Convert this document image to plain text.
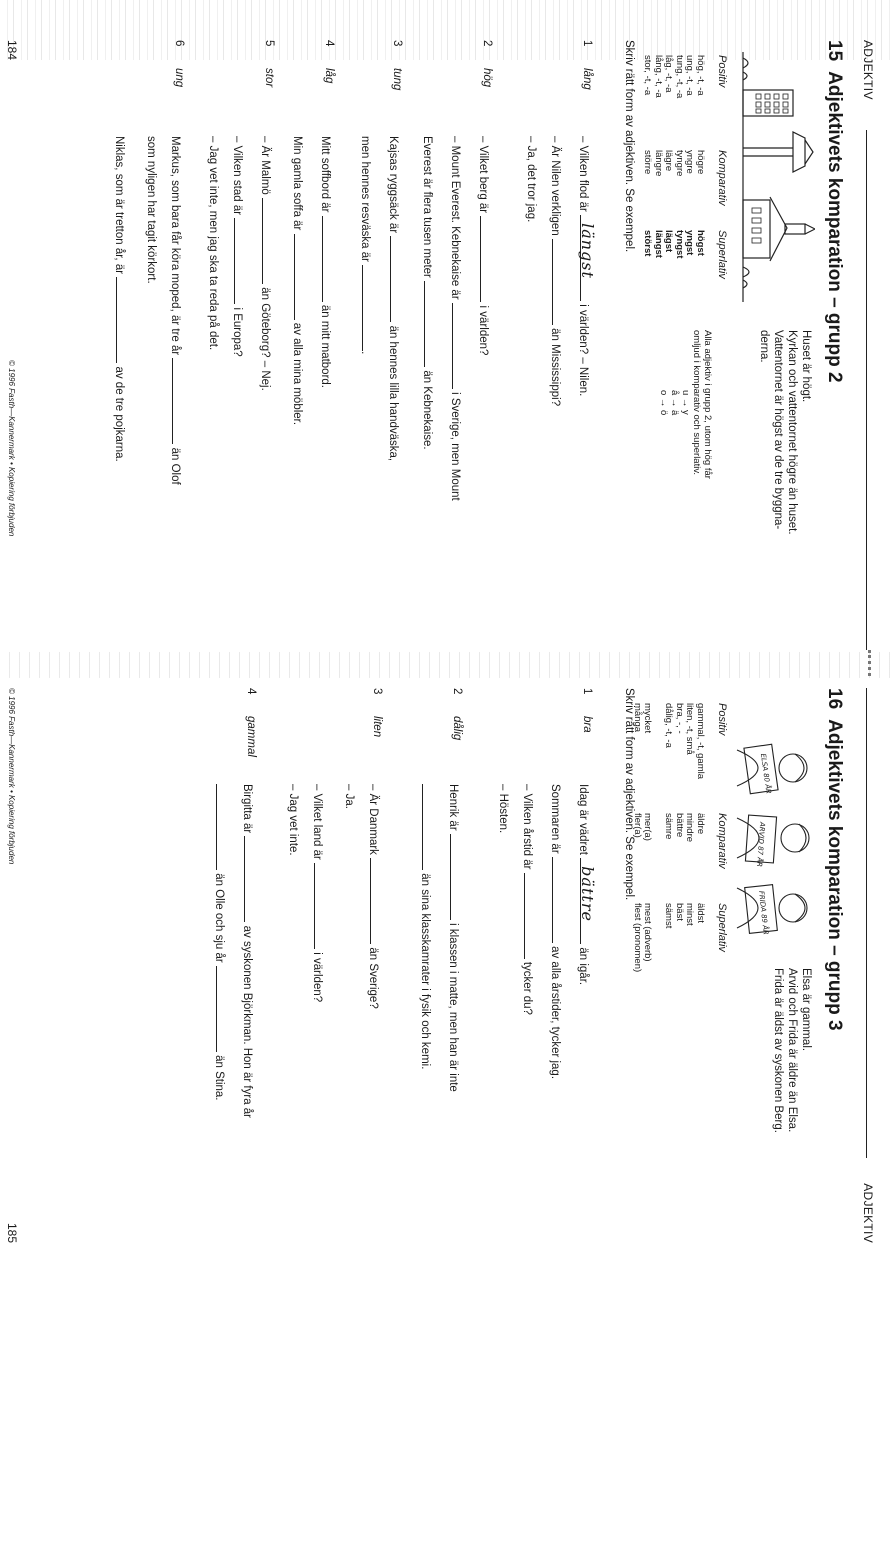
ADJEKTIV
15Adjektivets komparation – grupp 2
Huset är högt.
Kyrkan och vattentornet högre än huset.
Vattentornet är högst av de tre byggna-
derna.
Positiv
Komparativ
Superlativ
hög, -t, -a
ung, -t, -a
tung, -t, -a
låg, -t, -a
lång, -t, -a
stor, -t, -a
högre
yngre
tyngre
lägre
längre
större
högst
yngst
tyngst
lägst
längst
störst
Alla adjektiv i grupp 2, utom hög får
omljud i komparativ och superlativ.
u → y
å → ä
o → ö
Skriv rätt form av adjektiven. Se exempel.
1
lång
– Vilken flod är
längst
i världen? – Nilen.
– Är Nilen verkligen  än Mississippi?
– Ja, det tror jag.
2
hög
– Vilket berg är  i världen?
– Mount Everest. Kebnekaise är  i Sverige, men Mount
Everest är flera tusen meter  än Kebnekaise.
3
tung
Kajsas ryggsäck är  än hennes lilla handväska,
men hennes resväska är .
4
låg
Mitt soffbord är  än mitt matbord.
Min gamla soffa är  av alla mina möbler.
5
stor
– Är Malmö  än Göteborg? – Nej.
– Vilken stad är  i Europa?
– Jag vet inte, men jag ska ta reda på det.
6
ung
Markus, som bara får köra moped, är tre år  än Olof
som nyligen har tagit körkort.
Niklas, som är tretton år, är  av de tre pojkarna.
184
© 1996 Fasth—Kannermark • Kopiering förbjuden
ADJEKTIV
16Adjektivets komparation – grupp 3
ELSA 80 ÅR
ARVID 87 ÅR
FRIDA 89 ÅR
Elsa är gammal.
Arvid och Frida är äldre än Elsa.
Frida är äldst av syskonen Berg.
Positiv
Komparativ
Superlativ
gammal, -t, gamla
liten, -t, små
bra, -, -
dålig, -t, -a
mycket
många
äldre
mindre
bättre
sämre
mer(a)
fler(a)
äldst
minst
bäst
sämst
mest (adverb)
flest (pronomen)
Skriv rätt form av adjektiven. Se exempel.
1
bra
Idag är vädret
bättre
än igår.
Sommaren är  av alla årstider, tycker jag.
– Vilken årstid är  tycker du?
– Hösten.
2
dålig
Henrik är  i klassen i matte, men han är inte
än sina klasskamrater i fysik och kemi.
3
liten
– Är Danmark  än Sverige?
– Ja.
– Vilket land är  i världen?
– Jag vet inte.
4
gammal
Birgitta är  av syskonen Björkman. Hon är fyra år
än Olle och sju år  än Stina.
185
© 1996 Fasth—Kannermark • Kopiering förbjuden
